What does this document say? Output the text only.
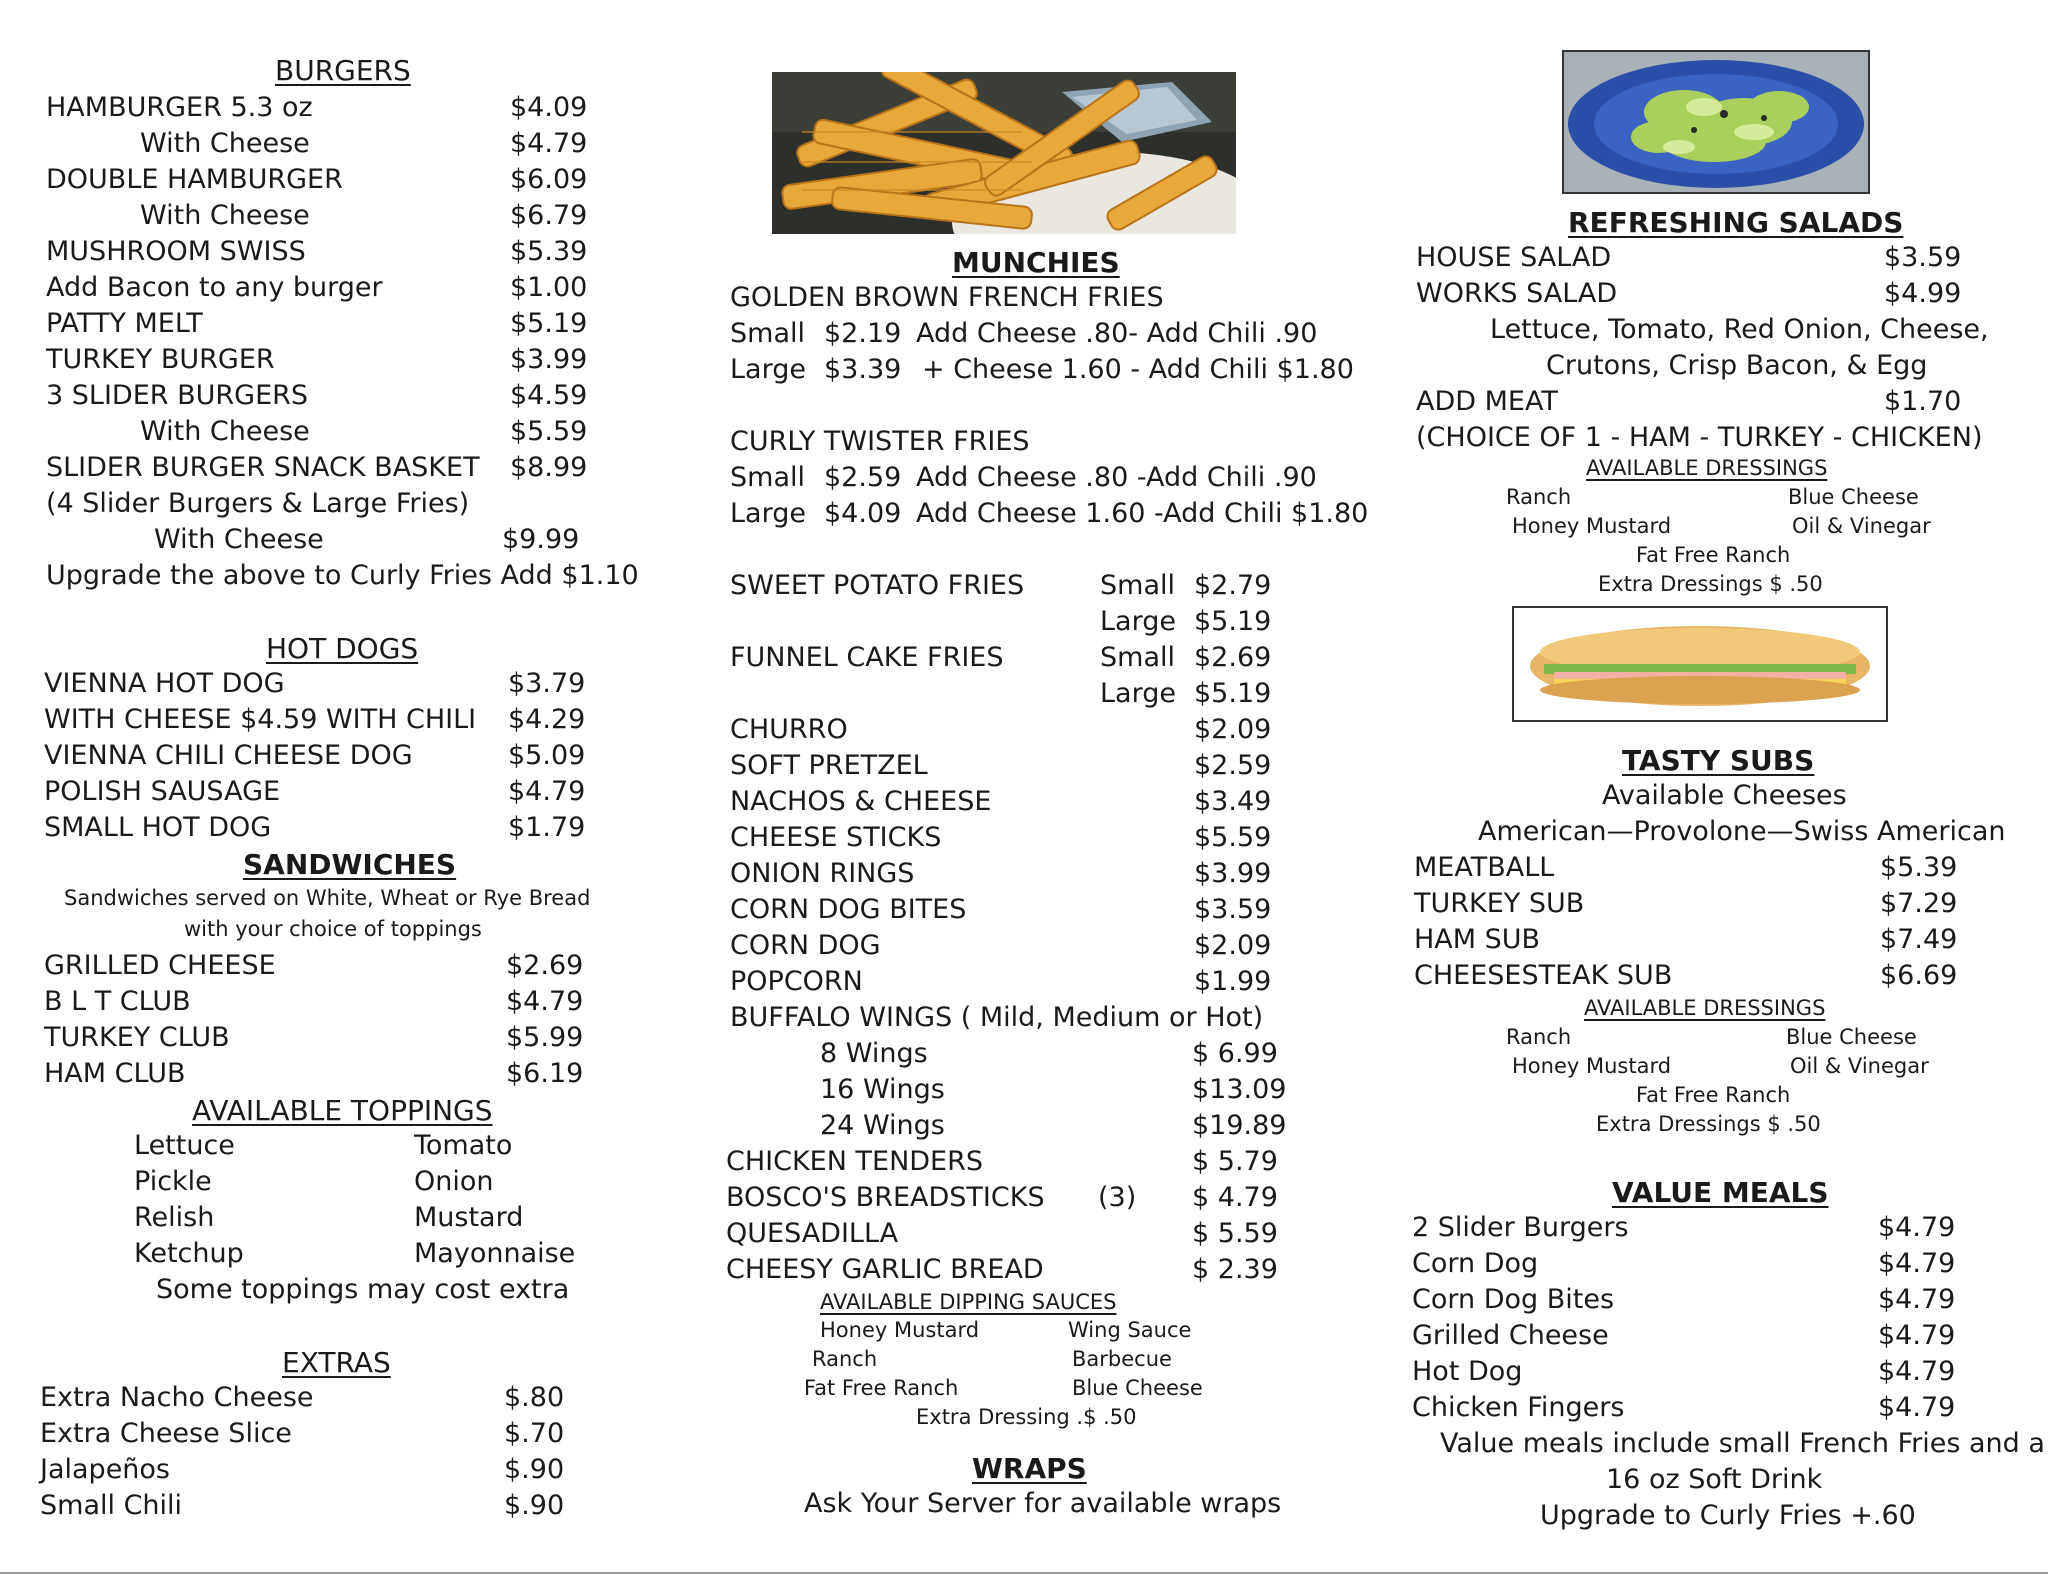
BURGERS
HAMBURGER 5.3 oz	$4.09
With Cheese	$4.79
DOUBLE HAMBURGER	$6.09
With Cheese	$6.79
MUSHROOM SWISS	$5.39
Add Bacon to any burger	$1.00
PATTY MELT	$5.19
TURKEY BURGER	$3.99
3 SLIDER BURGERS	$4.59
With Cheese	$5.59
SLIDER BURGER SNACK BASKET $8.99
(4 Slider Burgers & Large Fries)
With Cheese	$9.99
Upgrade the above to Curly Fries Add $1.10
HOT DOGS
VIENNA HOT DOG	$3.79
WITH CHEESE $4.59 WITH CHILI $4.29
VIENNA CHILI CHEESE DOG	$5.09
POLISH SAUSAGE	$4.79
SMALL HOT DOG	$1.79
SANDWICHES
Sandwiches served on White, Wheat or Rye Bread
with your choice of toppings
GRILLED CHEESE	$2.69
B L T CLUB	$4.79
TURKEY CLUB	$5.99
HAM CLUB	$6.19
AVAILABLE TOPPINGS
Lettuce	Tomato
Pickle	Onion
Relish	Mustard
Ketchup	Mayonnaise
Some toppings may cost extra
EXTRAS
Extra Nacho Cheese	$.80
Extra Cheese Slice	$.70
Jalapeños	$.90
Small Chili	$.90
MUNCHIES
GOLDEN BROWN FRENCH FRIES
Small $2.19 Add Cheese .80- Add Chili .90
Large $3.39 + Cheese 1.60 - Add Chili $1.80
CURLY TWISTER FRIES
Small $2.59 Add Cheese .80 -Add Chili .90
Large $4.09 Add Cheese 1.60 -Add Chili $1.80
SWEET POTATO FRIES	Small $2.79
Large $5.19
FUNNEL CAKE FRIES	Small $2.69
Large $5.19
CHURRO	$2.09
SOFT PRETZEL	$2.59
NACHOS & CHEESE	$3.49
CHEESE STICKS	$5.59
ONION RINGS	$3.99
CORN DOG BITES	$3.59
CORN DOG	$2.09
POPCORN	$1.99
BUFFALO WINGS ( Mild, Medium or Hot)
8 Wings	$ 6.99
16 Wings	$13.09
24 Wings	$19.89
CHICKEN TENDERS	$ 5.79
BOSCO'S BREADSTICKS (3) $ 4.79
QUESADILLA	$ 5.59
CHEESY GARLIC BREAD	$ 2.39
AVAILABLE DIPPING SAUCES
Honey Mustard	Wing Sauce
Ranch	Barbecue
Fat Free Ranch	Blue Cheese
Extra Dressing .$ .50
WRAPS
Ask Your Server for available wraps
REFRESHING SALADS
HOUSE SALAD	$3.59
WORKS SALAD	$4.99
Lettuce, Tomato, Red Onion, Cheese,
Crutons, Crisp Bacon, & Egg
ADD MEAT	$1.70
(CHOICE OF 1 - HAM - TURKEY - CHICKEN)
AVAILABLE DRESSINGS
Ranch	Blue Cheese
Honey Mustard	Oil & Vinegar
Fat Free Ranch
Extra Dressings $ .50
TASTY SUBS
Available Cheeses
American—Provolone—Swiss American
MEATBALL	$5.39
TURKEY SUB	$7.29
HAM SUB	$7.49
CHEESESTEAK SUB	$6.69
AVAILABLE DRESSINGS
Ranch	Blue Cheese
Honey Mustard	Oil & Vinegar
Fat Free Ranch
Extra Dressings $ .50
VALUE MEALS
2 Slider Burgers	$4.79
Corn Dog	$4.79
Corn Dog Bites	$4.79
Grilled Cheese	$4.79
Hot Dog	$4.79
Chicken Fingers	$4.79
Value meals include small French Fries and a
16 oz Soft Drink
Upgrade to Curly Fries +.60
